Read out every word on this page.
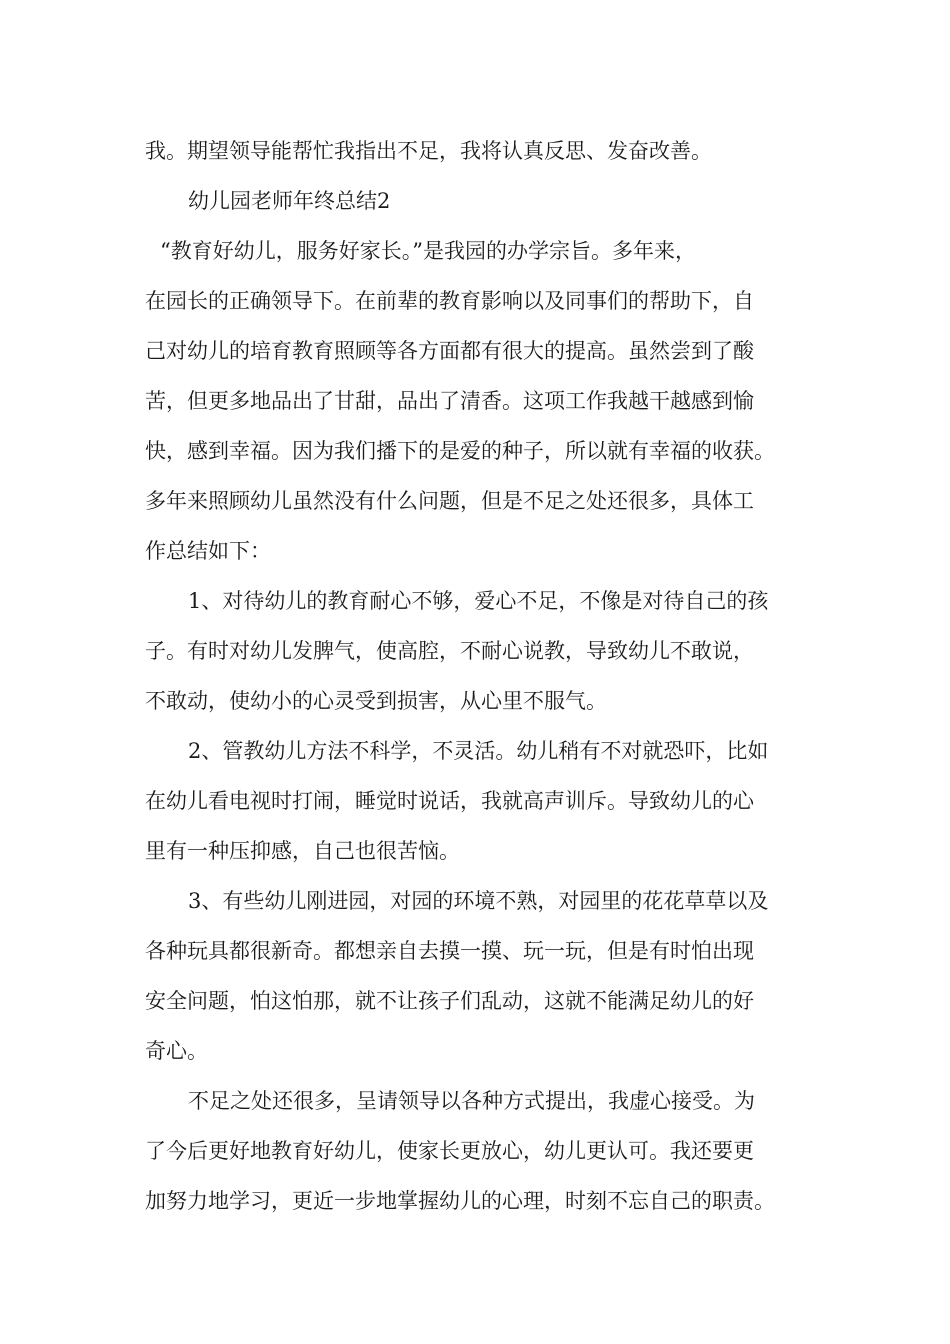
我。期望领导能帮忙我指出不足，我将认真反思、发奋改善。

幼儿园老师年终总结2

“教育好幼儿，服务好家长。”是我园的办学宗旨。多年来，

在园长的正确领导下。在前辈的教育影响以及同事们的帮助下，自

己对幼儿的培育教育照顾等各方面都有很大的提高。虽然尝到了酸

苦，但更多地品出了甘甜，品出了清香。这项工作我越干越感到愉

快，感到幸福。因为我们播下的是爱的种子，所以就有幸福的收获。

多年来照顾幼儿虽然没有什么问题，但是不足之处还很多，具体工

作总结如下：

1、对待幼儿的教育耐心不够，爱心不足，不像是对待自己的孩

子。有时对幼儿发脾气，使高腔，不耐心说教，导致幼儿不敢说，

不敢动，使幼小的心灵受到损害，从心里不服气。

2、管教幼儿方法不科学，不灵活。幼儿稍有不对就恐吓，比如

在幼儿看电视时打闹，睡觉时说话，我就高声训斥。导致幼儿的心

里有一种压抑感，自己也很苦恼。

3、有些幼儿刚进园，对园的环境不熟，对园里的花花草草以及

各种玩具都很新奇。都想亲自去摸一摸、玩一玩，但是有时怕出现

安全问题，怕这怕那，就不让孩子们乱动，这就不能满足幼儿的好

奇心。

不足之处还很多，呈请领导以各种方式提出，我虚心接受。为

了今后更好地教育好幼儿，使家长更放心，幼儿更认可。我还要更

加努力地学习，更近一步地掌握幼儿的心理，时刻不忘自己的职责。
